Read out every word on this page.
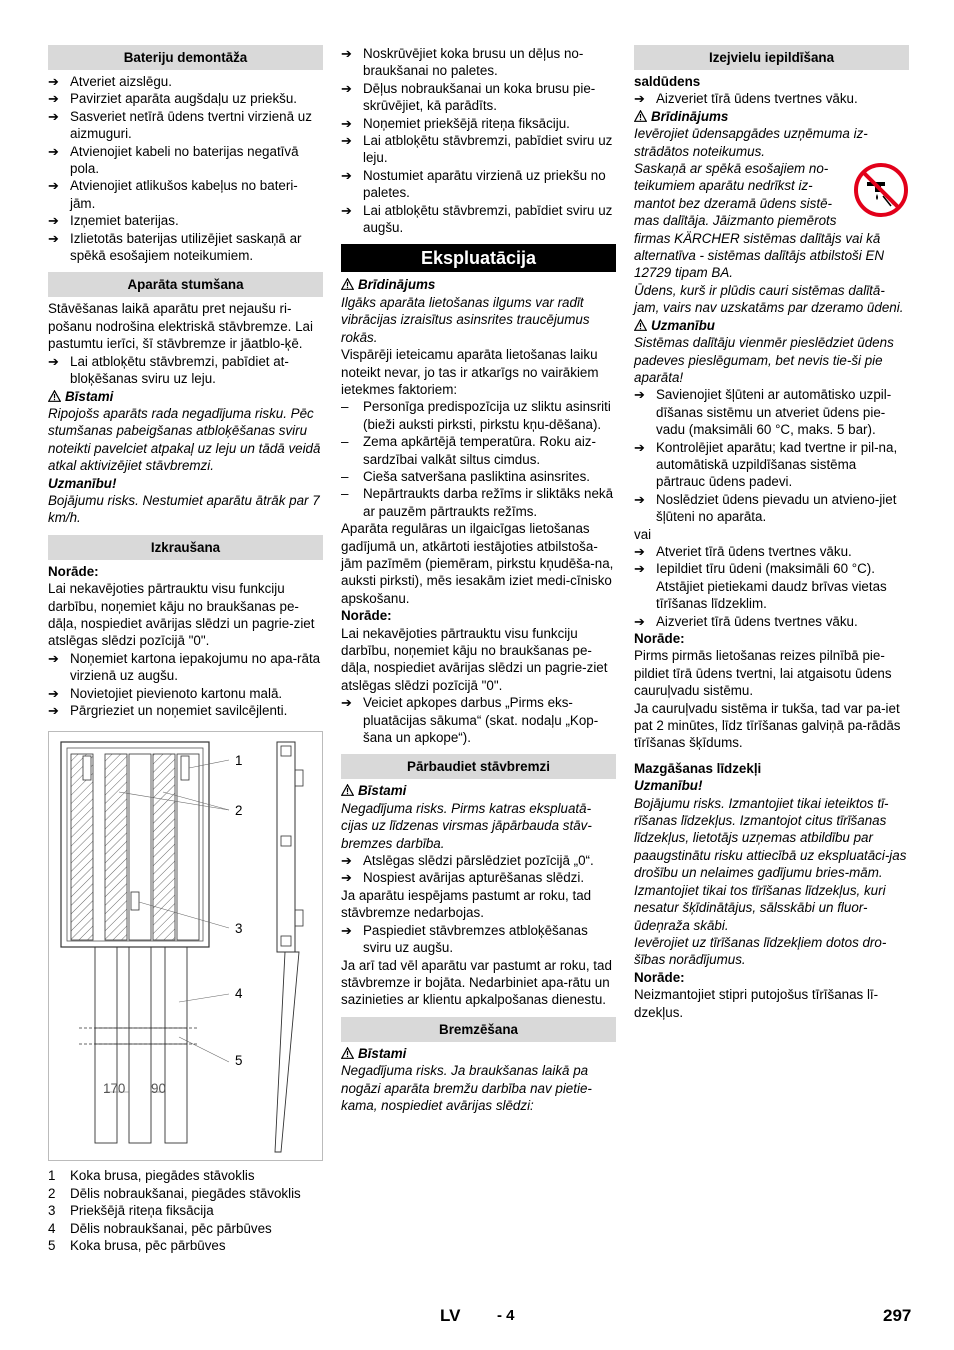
Bateriju demontāža
➔ Atveriet aizslēgu.
➔ Pavirziet aparāta augšdaļu uz priekšu.
➔ Sasveriet netīrā ūdens tvertni virzienā uz aizmuguri.
➔ Atvienojiet kabeli no baterijas negatīvā pola.
➔ Atvienojiet atlikušos kabeļus no bateri-jām.
➔ Izņemiet baterijas.
➔ Izlietotās baterijas utilizējiet saskaņā ar spēkā esošajiem noteikumiem.
Aparāta stumšana

Stāvēšanas laikā aparātu pret nejaušu ri-pošanu nodrošina elektriskā stāvbremze. Lai pastumtu ierīci, šī stāvbremze ir jāatblo-ķē.

➔ Lai atbloķētu stāvbremzi, pabīdiet at-bloķēšanas sviru uz leju.
Bīstami

Ripojošs aparāts rada negadījuma risku. Pēc stumšanas pabeigšanas atbloķēšanas sviru noteikti pavelciet atpakaļ uz leju un tādā veidā atkal aktivizējiet stāvbremzi.

Uzmanību!

Bojājumu risks. Nestumiet aparātu ātrāk par 7 km/h.

Izkraušana

Norāde:

Lai nekavējoties pārtrauktu visu funkciju darbību, noņemiet kāju no braukšanas pe-dāļa, nospiediet avārijas slēdzi un pagrie-ziet atslēgas slēdzi pozīcijā "0".

➔ Noņemiet kartona iepakojumu no apa-rāta virzienā uz augšu.
➔ Novietojiet pievienoto kartonu malā.
➔ Pārgrieziet un noņemiet savilcējlenti.
1
2
3
4
5
170 90
1 Koka brusa, piegādes stāvoklis
2 Dēlis nobraukšanai, piegādes stāvoklis
3 Priekšējā riteņa fiksācija
4 Dēlis nobraukšanai, pēc pārbūves
5 Koka brusa, pēc pārbūves
➔ Noskrūvējiet koka brusu un dēļus no-braukšanai no paletes.
➔ Dēļus nobraukšanai un koka brusu pie-skrūvējiet, kā parādīts.
➔ Noņemiet priekšējā riteņa fiksāciju.
➔ Lai atbloķētu stāvbremzi, pabīdiet sviru uz leju.
➔ Nostumiet aparātu virzienā uz priekšu no paletes.
➔ Lai atbloķētu stāvbremzi, pabīdiet sviru uz augšu.
Ekspluatācija
Brīdinājums

Ilgāks aparāta lietošanas ilgums var radīt vibrācijas izraisītus asinsrites traucējumus rokās.

Vispārēji ieteicamu aparāta lietošanas laiku noteikt nevar, jo tas ir atkarīgs no vairākiem ietekmes faktoriem:

– Personīga predispozīcija uz sliktu asinsriti (bieži auksti pirksti, pirkstu kņu-dēšana).
– Zema apkārtējā temperatūra. Roku aiz-sardzībai valkāt siltus cimdus.
– Cieša satveršana pasliktina asinsrites.
– Nepārtraukts darba režīms ir sliktāks nekā ar pauzēm pārtraukts režīms.

Aparāta regulāras un ilgaicīgas lietošanas gadījumā un, atkārtoti iestājoties atbilstoša-jām pazīmēm (piemēram, pirkstu kņudēša-na, auksti pirksti), mēs iesakām iziet medi-cīnisko apskošanu.

Norāde:

Lai nekavējoties pārtrauktu visu funkciju darbību, noņemiet kāju no braukšanas pe-dāļa, nospiediet avārijas slēdzi un pagrie-ziet atslēgas slēdzi pozīcijā "0".

➔ Veiciet apkopes darbus „Pirms eks-pluatācijas sākuma“ (skat. nodaļu „Kop-šana un apkope“).
Pārbaudiet stāvbremzi
Bīstami

Negadījuma risks. Pirms katras ekspluatā-cijas uz līdzenas virsmas jāpārbauda stāv-bremzes darbība.

➔ Atslēgas slēdzi pārslēdziet pozīcijā „0“.
➔ Nospiest avārijas apturēšanas slēdzi.

Ja aparātu iespējams pastumt ar roku, tad stāvbremze nedarbojas.

➔ Paspiediet stāvbremzes atbloķēšanas sviru uz augšu.

Ja arī tad vēl aparātu var pastumt ar roku, tad stāvbremze ir bojāta. Nedarbiniet apa-rātu un sazinieties ar klientu apkalpošanas dienestu.

Bremzēšana
Bīstami

Negadījuma risks. Ja braukšanas laikā pa nogāzi aparāta bremžu darbība nav pietie-kama, nospiediet avārijas slēdzi:

Izejvielu iepildīšana

saldūdens

➔ Aizveriet tīrā ūdens tvertnes vāku.
Brīdinājums

Ievērojiet ūdensapgādes uzņēmuma iz-strādātos noteikumus.

Saskaņā ar spēkā esošajiem no-teikumiem aparātu nedrīkst iz-mantot bez dzeramā ūdens sistē-mas dalītāja. Jāizmanto piemērots firmas KÄRCHER sistēmas dalītājs vai kā alternatīva - sistēmas dalītājs atbilstoši EN 12729 tipam BA.

Ūdens, kurš ir plūdis cauri sistēmas dalītā-jam, vairs nav uzskatāms par dzeramo ūdeni.

Uzmanību

Sistēmas dalītāju vienmēr pieslēdziet ūdens padeves pieslēgumam, bet nevis tie-ši pie aparāta!

➔ Savienojiet šļūteni ar automātisko uzpil-dīšanas sistēmu un atveriet ūdens pie-vadu (maksimāli 60 °C, maks. 5 bar).
➔ Kontrolējiet aparātu; kad tvertne ir pil-na, automātiskā uzpildīšanas sistēma pārtrauc ūdens padevi.
➔ Noslēdziet ūdens pievadu un atvieno-jiet šļūteni no aparāta.

vai

➔ Atveriet tīrā ūdens tvertnes vāku.
➔ Iepildiet tīru ūdeni (maksimāli 60 °C). Atstājiet pietiekami daudz brīvas vietas tīrīšanas līdzeklim.
➔ Aizveriet tīrā ūdens tvertnes vāku.

Norāde:

Pirms pirmās lietošanas reizes pilnībā pie-pildiet tīrā ūdens tvertni, lai atgaisotu ūdens cauruļvadu sistēmu.

Ja cauruļvadu sistēma ir tukša, tad var pa-iet pat 2 minūtes, līdz tīrīšanas galviņā pa-rādās tīrīšanas šķīdums.

Mazgāšanas līdzekļi

Uzmanību!

Bojājumu risks. Izmantojiet tikai ieteiktos tī-rīšanas līdzekļus. Izmantojot citus tīrīšanas līdzekļus, lietotājs uzņemas atbildību par paaugstinātu risku attiecībā uz ekspluatāci-jas drošību un nelaimes gadījumu bries-mām.

Izmantojiet tikai tos tīrīšanas līdzekļus, kuri nesatur šķīdinātājus, sālsskābi un fluor-ūdeņraža skābi.

Ievērojiet uz tīrīšanas līdzekļiem dotos dro-šības norādījumus.

Norāde:

Neizmantojiet stipri putojošus tīrīšanas lī-dzekļus.

LV - 4	297
